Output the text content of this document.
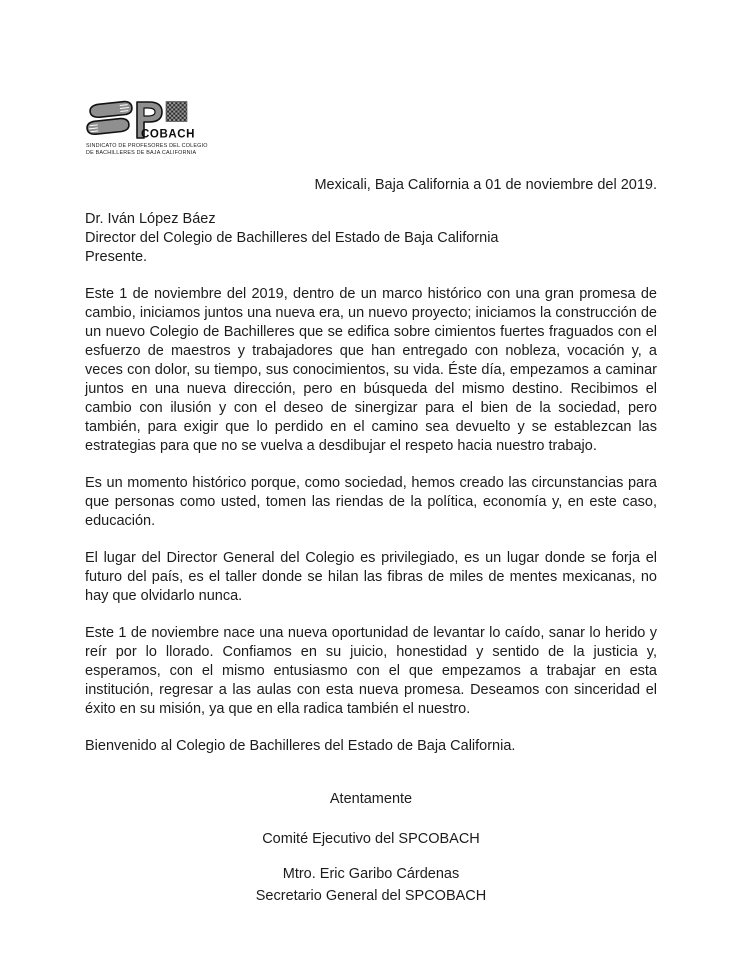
COBACH
SINDICATO DE PROFESORES DEL COLEGIO
DE BACHILLERES DE BAJA CALIFORNIA
Mexicali, Baja California a 01 de noviembre del 2019.
Dr. Iván López Báez
Director del Colegio de Bachilleres del Estado de Baja California
Presente.

Este 1 de noviembre del 2019, dentro de un marco histórico con una gran promesa de cambio, iniciamos juntos una nueva era, un nuevo proyecto; iniciamos la construcción de un nuevo Colegio de Bachilleres que se edifica sobre cimientos fuertes fraguados con el esfuerzo de maestros y trabajadores que han entregado con nobleza, vocación y, a veces con dolor, su tiempo, sus conocimientos, su vida. Éste día, empezamos a caminar juntos en una nueva dirección, pero en búsqueda del mismo destino. Recibimos el cambio con ilusión y con el deseo de sinergizar para el bien de la sociedad, pero también, para exigir que lo perdido en el camino sea devuelto y se establezcan las estrategias para que no se vuelva a desdibujar el respeto hacia nuestro trabajo.

Es un momento histórico porque, como sociedad, hemos creado las circunstancias para que personas como usted, tomen las riendas de la política, economía y, en este caso, educación.

El lugar del Director General del Colegio es privilegiado, es un lugar donde se forja el futuro del país, es el taller donde se hilan las fibras de miles de mentes mexicanas, no hay que olvidarlo nunca.

Este 1 de noviembre nace una nueva oportunidad de levantar lo caído, sanar lo herido y reír por lo llorado. Confiamos en su juicio, honestidad y sentido de la justicia y, esperamos, con el mismo entusiasmo con el que empezamos a trabajar en esta institución, regresar a las aulas con esta nueva promesa. Deseamos con sinceridad el éxito en su misión, ya que en ella radica también el nuestro.

Bienvenido al Colegio de Bachilleres del Estado de Baja California.

Atentamente
Comité Ejecutivo del SPCOBACH
Mtro. Eric Garibo Cárdenas
Secretario General del SPCOBACH
